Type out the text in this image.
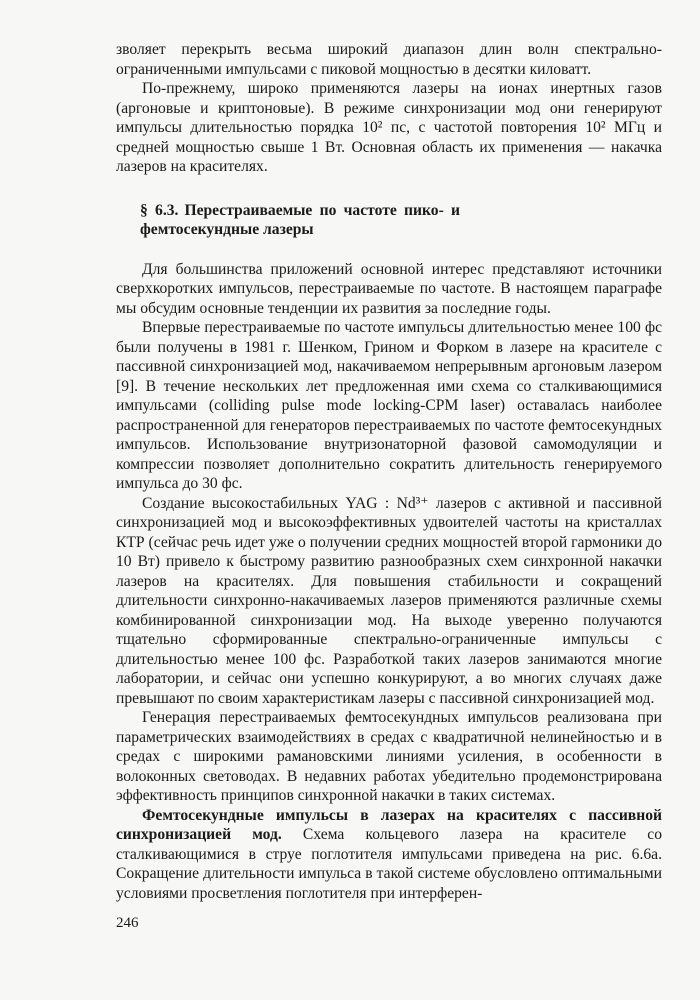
зволяет перекрыть весьма широкий диапазон длин волн спектрально-ограниченными импульсами с пиковой мощностью в десятки киловатт.

По-прежнему, широко применяются лазеры на ионах инертных газов (аргоновые и криптоновые). В режиме синхронизации мод они генерируют импульсы длительностью порядка 10² пс, с частотой повторения 10² МГц и средней мощностью свыше 1 Вт. Основная область их применения — накачка лазеров на красителях.

§ 6.3. Перестраиваемые по частоте пико- и фемтосекундные лазеры

Для большинства приложений основной интерес представляют источники сверхкоротких импульсов, перестраиваемые по частоте. В настоящем параграфе мы обсудим основные тенденции их развития за последние годы.

Впервые перестраиваемые по частоте импульсы длительностью менее 100 фс были получены в 1981 г. Шенком, Грином и Форком в лазере на красителе с пассивной синхронизацией мод, накачиваемом непрерывным аргоновым лазером [9]. В течение нескольких лет предложенная ими схема со сталкивающимися импульсами (colliding pulse mode locking-CPM laser) оставалась наиболее распространенной для генераторов перестраиваемых по частоте фемтосекундных импульсов. Использование внутризонаторной фазовой самомодуляции и компрессии позволяет дополнительно сократить длительность генерируемого импульса до 30 фс.

Создание высокостабильных YAG : Nd³⁺ лазеров с активной и пассивной синхронизацией мод и высокоэффективных удвоителей частоты на кристаллах КТР (сейчас речь идет уже о получении средних мощностей второй гармоники до 10 Вт) привело к быстрому развитию разнообразных схем синхронной накачки лазеров на красителях. Для повышения стабильности и сокращений длительности синхронно-накачиваемых лазеров применяются различные схемы комбинированной синхронизации мод. На выходе уверенно получаются тщательно сформированные спектрально-ограниченные импульсы с длительностью менее 100 фс. Разработкой таких лазеров занимаются многие лаборатории, и сейчас они успешно конкурируют, а во многих случаях даже превышают по своим характеристикам лазеры с пассивной синхронизацией мод.

Генерация перестраиваемых фемтосекундных импульсов реализована при параметрических взаимодействиях в средах с квадратичной нелинейностью и в средах с широкими рамановскими линиями усиления, в особенности в волоконных световодах. В недавних работах убедительно продемонстрирована эффективность принципов синхронной накачки в таких системах.

Фемтосекундные импульсы в лазерах на красителях с пассивной синхронизацией мод. Схема кольцевого лазера на красителе со сталкивающимися в струе поглотителя импульсами приведена на рис. 6.6а. Сокращение длительности импульса в такой системе обусловлено оптимальными условиями просветления поглотителя при интерферен-

246
